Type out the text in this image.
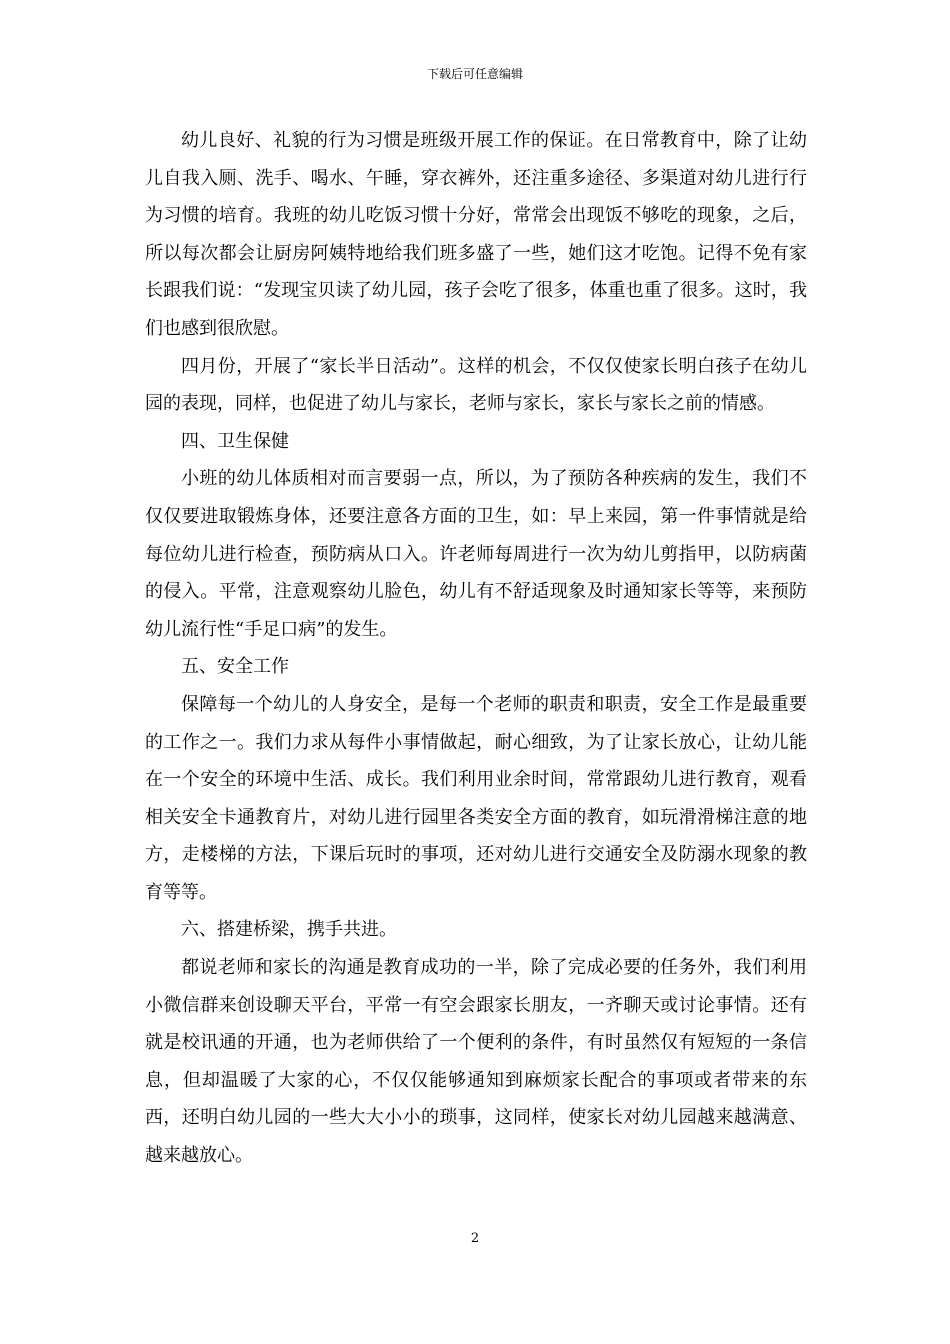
下载后可任意编辑

幼儿良好、礼貌的行为习惯是班级开展工作的保证。在日常教育中，除了让幼儿自我入厕、洗手、喝水、午睡，穿衣裤外，还注重多途径、多渠道对幼儿进行行为习惯的培育。我班的幼儿吃饭习惯十分好，常常会出现饭不够吃的现象，之后，所以每次都会让厨房阿姨特地给我们班多盛了一些，她们这才吃饱。记得不免有家长跟我们说：“发现宝贝读了幼儿园，孩子会吃了很多，体重也重了很多。这时，我们也感到很欣慰。

四月份，开展了“家长半日活动”。这样的机会，不仅仅使家长明白孩子在幼儿园的表现，同样，也促进了幼儿与家长，老师与家长，家长与家长之前的情感。

四、卫生保健

小班的幼儿体质相对而言要弱一点，所以，为了预防各种疾病的发生，我们不仅仅要进取锻炼身体，还要注意各方面的卫生，如：早上来园，第一件事情就是给每位幼儿进行检查，预防病从口入。许老师每周进行一次为幼儿剪指甲，以防病菌的侵入。平常，注意观察幼儿脸色，幼儿有不舒适现象及时通知家长等等，来预防幼儿流行性“手足口病”的发生。

五、安全工作

保障每一个幼儿的人身安全，是每一个老师的职责和职责，安全工作是最重要的工作之一。我们力求从每件小事情做起，耐心细致，为了让家长放心，让幼儿能在一个安全的环境中生活、成长。我们利用业余时间，常常跟幼儿进行教育，观看相关安全卡通教育片，对幼儿进行园里各类安全方面的教育，如玩滑滑梯注意的地方，走楼梯的方法，下课后玩时的事项，还对幼儿进行交通安全及防溺水现象的教育等等。

六、搭建桥梁，携手共进。

都说老师和家长的沟通是教育成功的一半，除了完成必要的任务外，我们利用小微信群来创设聊天平台，平常一有空会跟家长朋友，一齐聊天或讨论事情。还有就是校讯通的开通，也为老师供给了一个便利的条件，有时虽然仅有短短的一条信息，但却温暖了大家的心，不仅仅能够通知到麻烦家长配合的事项或者带来的东西，还明白幼儿园的一些大大小小的琐事，这同样，使家长对幼儿园越来越满意、越来越放心。

2
